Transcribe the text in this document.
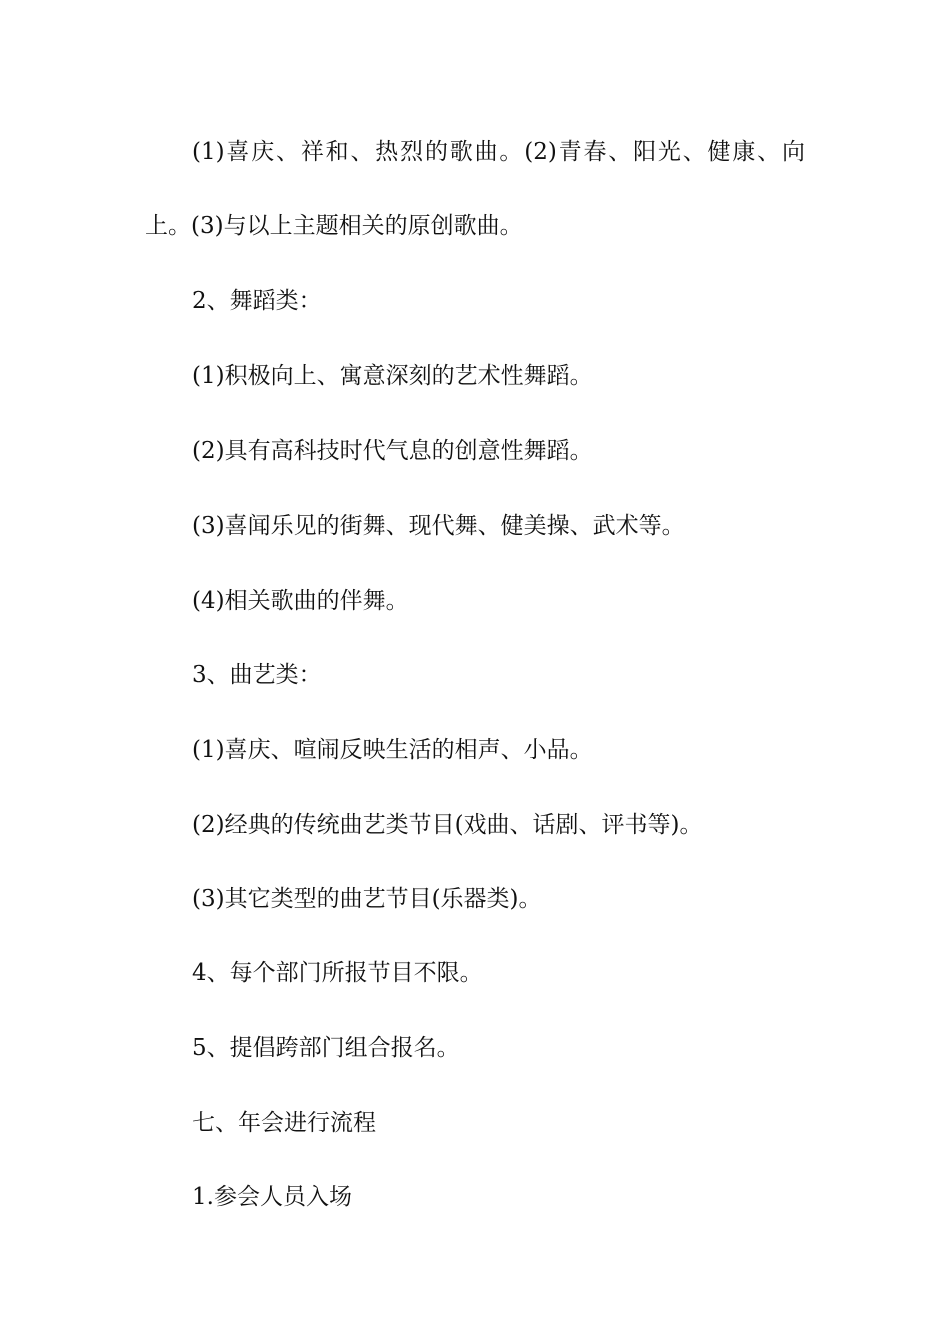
(1)喜庆、祥和、热烈的歌曲。(2)青春、阳光、健康、向

上。(3)与以上主题相关的原创歌曲。

2、舞蹈类：

(1)积极向上、寓意深刻的艺术性舞蹈。

(2)具有高科技时代气息的创意性舞蹈。

(3)喜闻乐见的街舞、现代舞、健美操、武术等。

(4)相关歌曲的伴舞。

3、曲艺类：

(1)喜庆、喧闹反映生活的相声、小品。

(2)经典的传统曲艺类节目(戏曲、话剧、评书等)。

(3)其它类型的曲艺节目(乐器类)。

4、每个部门所报节目不限。

5、提倡跨部门组合报名。

七、年会进行流程

1.参会人员入场
